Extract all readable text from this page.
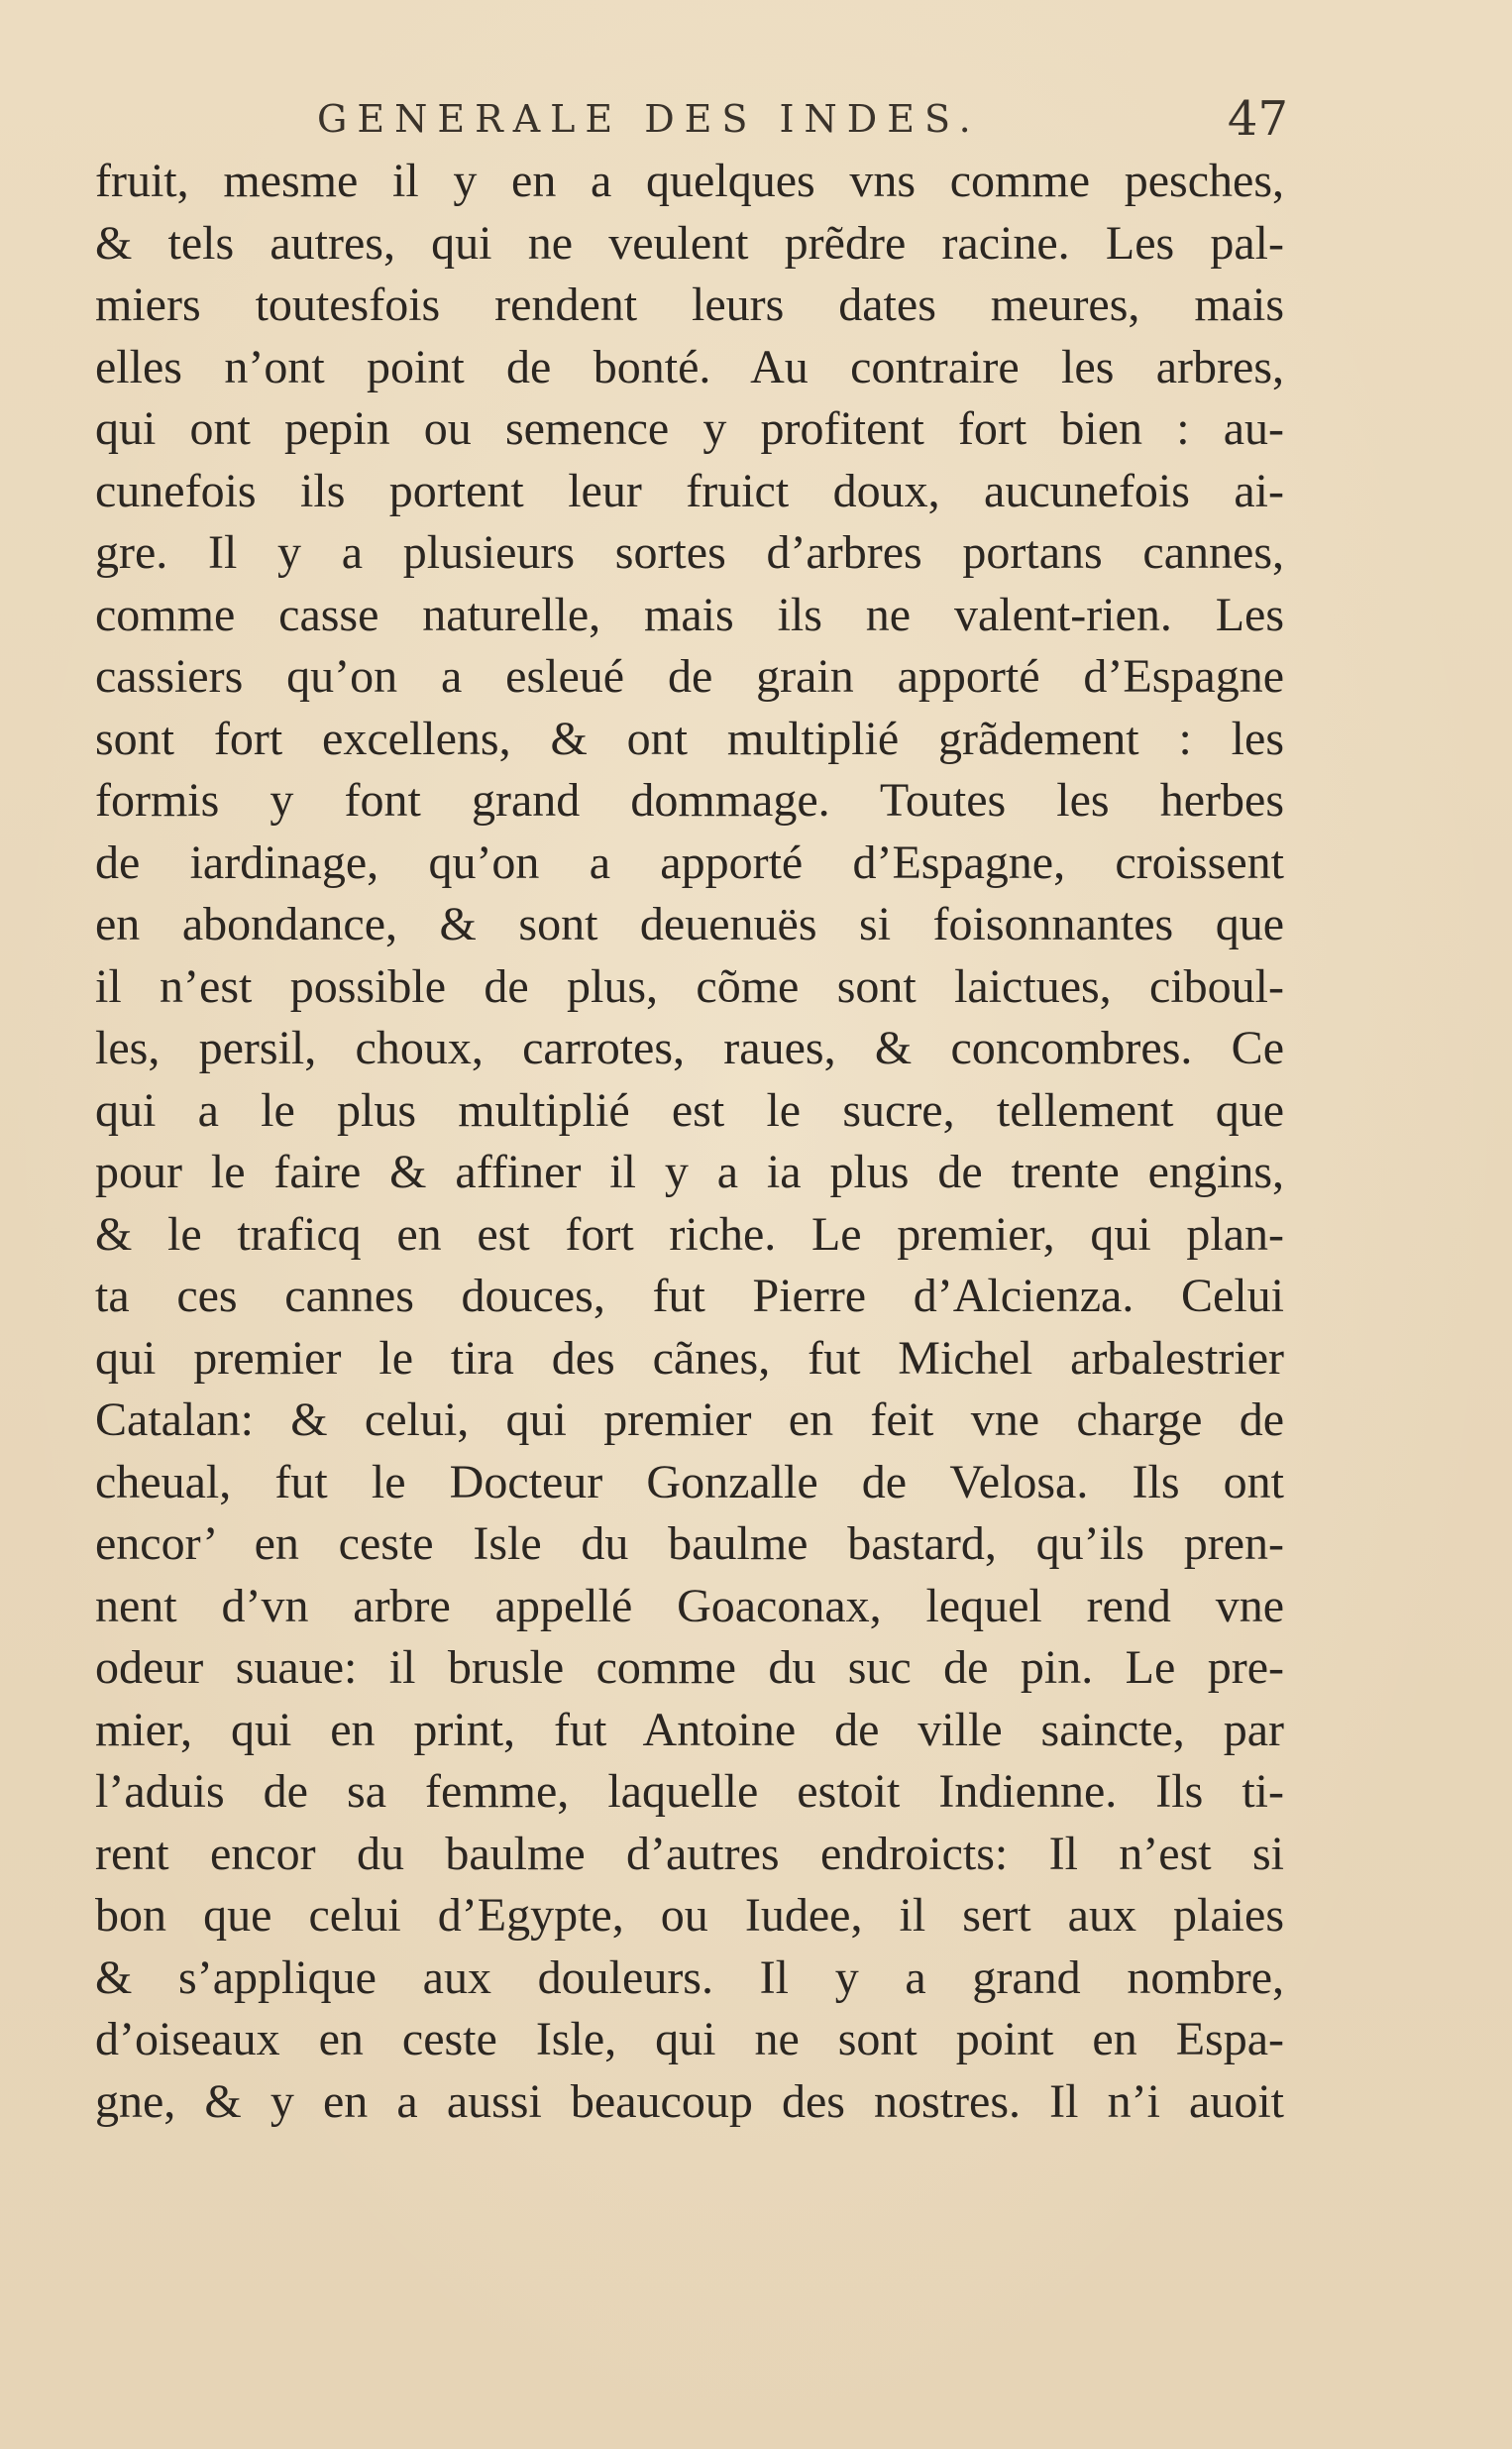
GENERALE DES INDES.	47
fruit, mesme il y en a quelques vns comme pesches,
& tels autres, qui ne veulent prẽdre racine. Les pal-
miers toutesfois rendent leurs dates meures, mais
elles n’ont point de bonté. Au contraire les arbres,
qui ont pepin ou semence y profitent fort bien : au-
cunefois ils portent leur fruict doux, aucunefois ai-
gre. Il y a plusieurs sortes d’arbres portans cannes,
comme casse naturelle, mais ils ne valent-rien. Les
cassiers qu’on a esleué de grain apporté d’Espagne
sont fort excellens, & ont multiplié grãdement : les
formis y font grand dommage. Toutes les herbes
de iardinage, qu’on a apporté d’Espagne, croissent
en abondance, & sont deuenuës si foisonnantes que
il n’est possible de plus, cõme sont laictues, ciboul-
les, persil, choux, carrotes, raues, & concombres. Ce
qui a le plus multiplié est le sucre, tellement que
pour le faire & affiner il y a ia plus de trente engins,
& le traficq en est fort riche. Le premier, qui plan-
ta ces cannes douces, fut Pierre d’Alcienza. Celui
qui premier le tira des cãnes, fut Michel arbalestrier
Catalan: & celui, qui premier en feit vne charge de
cheual, fut le Docteur Gonzalle de Velosa. Ils ont
encor’ en ceste Isle du baulme bastard, qu’ils pren-
nent d’vn arbre appellé Goaconax, lequel rend vne
odeur suaue: il brusle comme du suc de pin. Le pre-
mier, qui en print, fut Antoine de ville saincte, par
l’aduis de sa femme, laquelle estoit Indienne. Ils ti-
rent encor du baulme d’autres endroicts: Il n’est si
bon que celui d’Egypte, ou Iudee, il sert aux plaies
& s’applique aux douleurs. Il y a grand nombre,
d’oiseaux en ceste Isle, qui ne sont point en Espa-
gne, & y en a aussi beaucoup des nostres. Il n’i auoit
